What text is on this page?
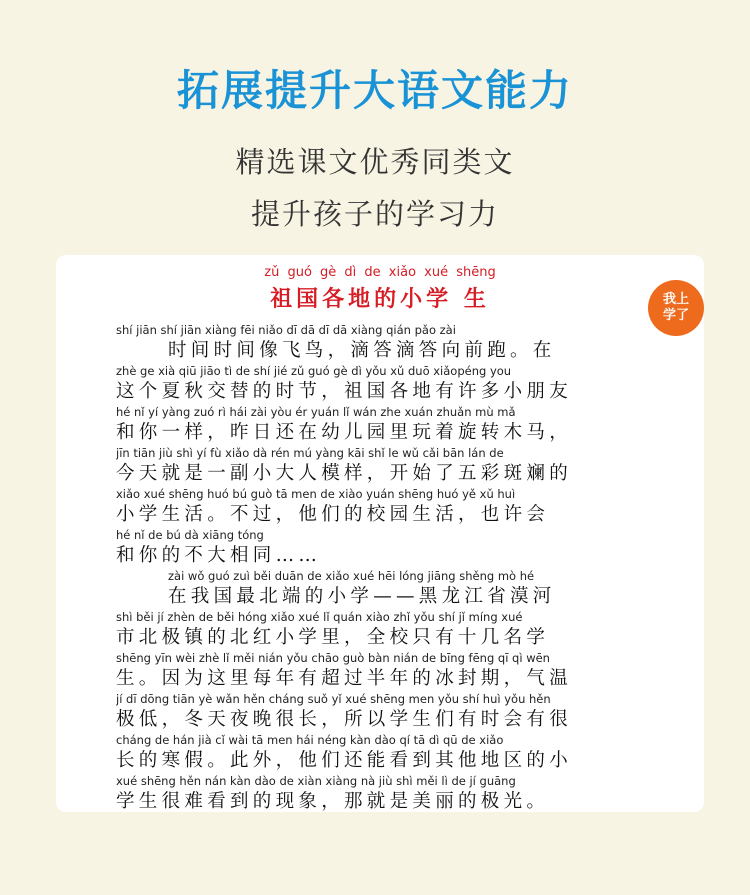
拓展提升大语文能力
精选课文优秀同类文
提升孩子的学习力
我上
学了
zǔ guó gè dì de xiǎo xué shēng
祖国各地的小学 生
shí jiān shí jiān xiàng fēi niǎo dī dā dī dā xiàng qián pǎo zài
时间时间像飞鸟，滴答滴答向前跑。在
zhè ge xià qiū jiāo tì de shí jié zǔ guó gè dì yǒu xǔ duō xiǎopéng you
这个夏秋交替的时节，祖国各地有许多小朋友
hé nǐ yí yàng zuó rì hái zài yòu ér yuán lǐ wán zhe xuán zhuǎn mù mǎ
和你一样，昨日还在幼儿园里玩着旋转木马，
jīn tiān jiù shì yí fù xiǎo dà rén mú yàng kāi shǐ le wǔ cǎi bān lán de
今天就是一副小大人模样，开始了五彩斑斓的
xiǎo xué shēng huó bú guò tā men de xiào yuán shēng huó yě xǔ huì
小学生活。不过，他们的校园生活，也许会
hé nǐ de bú dà xiāng tóng
和你的不大相同……
zài wǒ guó zuì běi duān de xiǎo xué hēi lóng jiāng shěng mò hé
在我国最北端的小学——黑龙江省漠河
shì běi jí zhèn de běi hóng xiǎo xué lǐ quán xiào zhǐ yǒu shí jǐ míng xué
市北极镇的北红小学里，全校只有十几名学
shēng yīn wèi zhè lǐ měi nián yǒu chāo guò bàn nián de bīng fēng qī qì wēn
生。因为这里每年有超过半年的冰封期，气温
jí dī dōng tiān yè wǎn hěn cháng suǒ yǐ xué shēng men yǒu shí huì yǒu hěn
极低，冬天夜晚很长，所以学生们有时会有很
cháng de hán jià cǐ wài tā men hái néng kàn dào qí tā dì qū de xiǎo
长的寒假。此外，他们还能看到其他地区的小
xué shēng hěn nán kàn dào de xiàn xiàng nà jiù shì měi lì de jí guāng
学生很难看到的现象，那就是美丽的极光。
